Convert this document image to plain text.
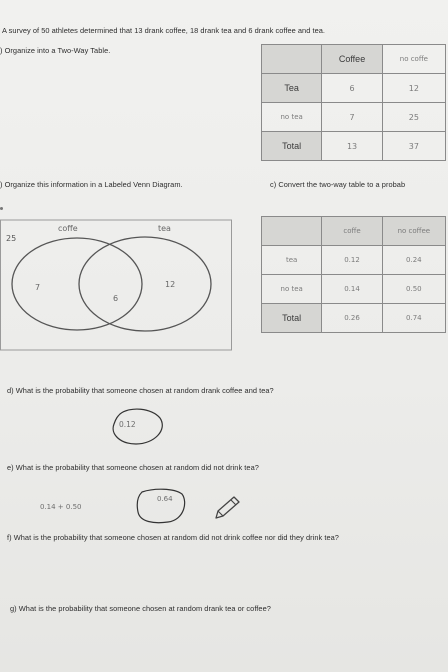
A survey of 50 athletes determined that 13 drank coffee, 18 drank tea and 6 drank coffee and tea.
) Organize into a Two-Way Table.
	Coffee	no coffe
Tea	6	12
no tea	7	25
Total	13	37
) Organize this information in a Labeled Venn Diagram.	c) Convert the two-way table to a probab
25
coffe	tea
7
6
12
	coffe	no coffee
tea	0.12	0.24
no tea	0.14	0.50
Total	0.26	0.74
d) What is the probability that someone chosen at random drank coffee and tea?
0.12
e) What is the probability that someone chosen at random did not drink tea?
0.14 + 0.50
0.64
f) What is the probability that someone chosen at random did not drink coffee nor did they drink tea?
g) What is the probability that someone chosen at random drank tea or coffee?
